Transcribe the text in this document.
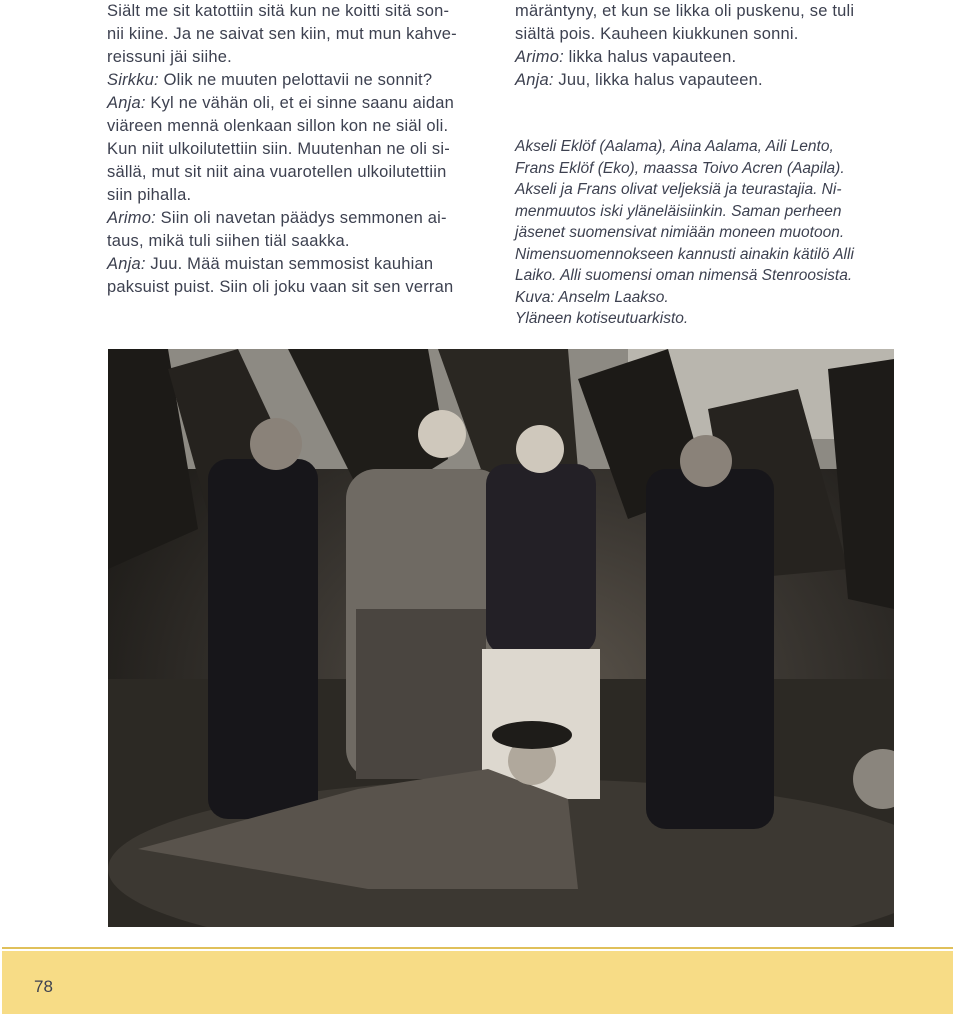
Siält me sit katottiin sitä kun ne koitti sitä son-

nii kiine. Ja ne saivat sen kiin, mut mun kahve-

reissuni jäi siihe.

Sirkku: Olik ne muuten pelottavii ne sonnit?

Anja: Kyl ne vähän oli, et ei sinne saanu aidan

viäreen mennä olenkaan sillon kon ne siäl oli.

Kun niit ulkoilutettiin siin. Muutenhan ne oli si-

sällä, mut sit niit aina vuarotellen ulkoilutettiin

siin pihalla.

Arimo: Siin oli navetan päädys semmonen ai-

taus, mikä tuli siihen tiäl saakka.

Anja: Juu. Mää muistan semmosist kauhian

paksuist puist. Siin oli joku vaan sit sen verran

märäntyny, et kun se likka oli puskenu, se tuli

siältä pois. Kauheen kiukkunen sonni.

Arimo: likka halus vapauteen.

Anja: Juu, likka halus vapauteen.

Akseli Eklöf (Aalama), Aina Aalama, Aili Lento,

Frans Eklöf (Eko), maassa Toivo Acren (Aapila).

Akseli ja Frans olivat veljeksiä ja teurastajia. Ni-

menmuutos iski yläneläisiinkin. Saman perheen

jäsenet suomensivat nimiään moneen muotoon.

Nimensuomennokseen kannusti ainakin kätilö Alli

Laiko. Alli suomensi oman nimensä Stenroosista.

Kuva: Anselm Laakso.

Yläneen kotiseutuarkisto.

78
